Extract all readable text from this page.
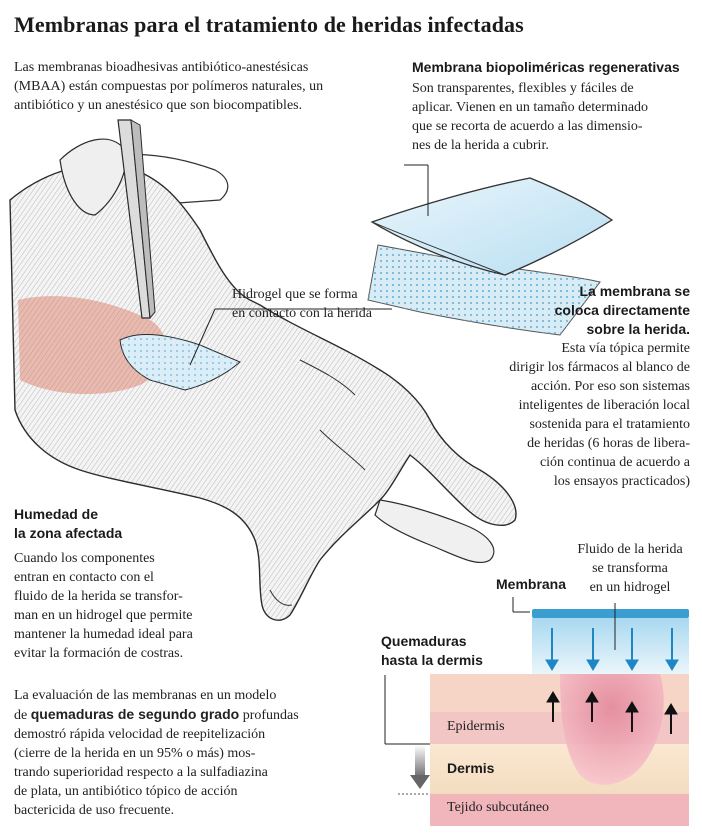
Membranas para el tratamiento de heridas infectadas
Las membranas bioadhesivas antibiótico-anestésicas
(MBAA) están compuestas por polímeros naturales, un
antibiótico y un anestésico que son biocompatibles.
Membrana biopoliméricas regenerativas
Son transparentes, flexibles y fáciles de
aplicar. Vienen en un tamaño determinado
que se recorta de acuerdo a las dimensio-
nes de la herida a cubrir.
Hidrogel que se forma
en contacto con la herida
La membrana se
coloca directamente
sobre la herida.
Esta vía tópica permite
dirigir los fármacos al blanco de
acción. Por eso son sistemas
inteligentes de liberación local
sostenida para el tratamiento
de heridas (6 horas de libera-
ción continua de acuerdo a
los ensayos practicados)
Humedad de
la zona afectada
Cuando los componentes
entran en contacto con el
fluido de la herida se transfor-
man en un hidrogel que permite
mantener la humedad ideal para
evitar la formación de costras.
La evaluación de las membranas en un modelo
de quemaduras de segundo grado profundas
demostró rápida velocidad de reepitelización
(cierre de la herida en un 95% o más) mos-
trando superioridad respecto a la sulfadiazina
de plata, un antibiótico tópico de acción
bactericida de uso frecuente.
Fluido de la herida
se transforma
en un hidrogel
Membrana
Quemaduras
hasta la dermis
Epidermis
Dermis
Tejido subcutáneo
